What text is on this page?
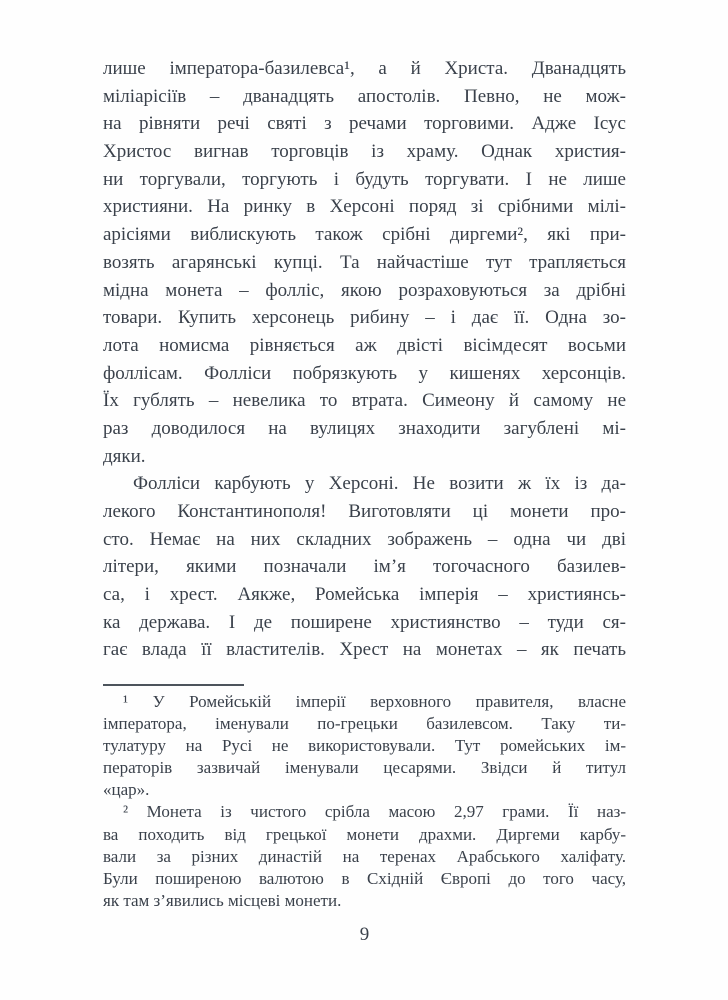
лише імператора-базилевса¹, а й Христа. Дванадцять
міліарісіїв – дванадцять апостолів. Певно, не мож-
на рівняти речі святі з речами торговими. Адже Ісус
Христос вигнав торговців із храму. Однак христия-
ни торгували, торгують і будуть торгувати. І не лише
християни. На ринку в Херсоні поряд зі срібними мілі-
арісіями виблискують також срібні диргеми², які при-
возять агарянські купці. Та найчастіше тут трапляється
мідна монета – фолліс, якою розраховуються за дрібні
товари. Купить херсонець рибину – і дає її. Одна зо-
лота номисма рівняється аж двісті вісімдесят восьми
фоллісам. Фолліси побрязкують у кишенях херсонців.
Їх гублять – невелика то втрата. Симеону й самому не
раз доводилося на вулицях знаходити загублені мі-
дяки.
Фолліси карбують у Херсоні. Не возити ж їх із да-
лекого Константинополя! Виготовляти ці монети про-
сто. Немає на них складних зображень – одна чи дві
літери, якими позначали ім’я тогочасного базилев-
са, і хрест. Аякже, Ромейська імперія – християнсь-
ка держава. І де поширене християнство – туди ся-
гає влада її властителів. Хрест на монетах – як печать
¹ У Ромейській імперії верховного правителя, власне
імператора, іменували по-грецьки базилевсом. Таку ти-
тулатуру на Русі не використовували. Тут ромейських ім-
ператорів зазвичай іменували цесарями. Звідси й титул
«цар».
² Монета із чистого срібла масою 2,97 грами. Її наз-
ва походить від грецької монети драхми. Диргеми карбу-
вали за різних династій на теренах Арабського халіфату.
Були поширеною валютою в Східній Європі до того часу,
як там з’явились місцеві монети.
9
